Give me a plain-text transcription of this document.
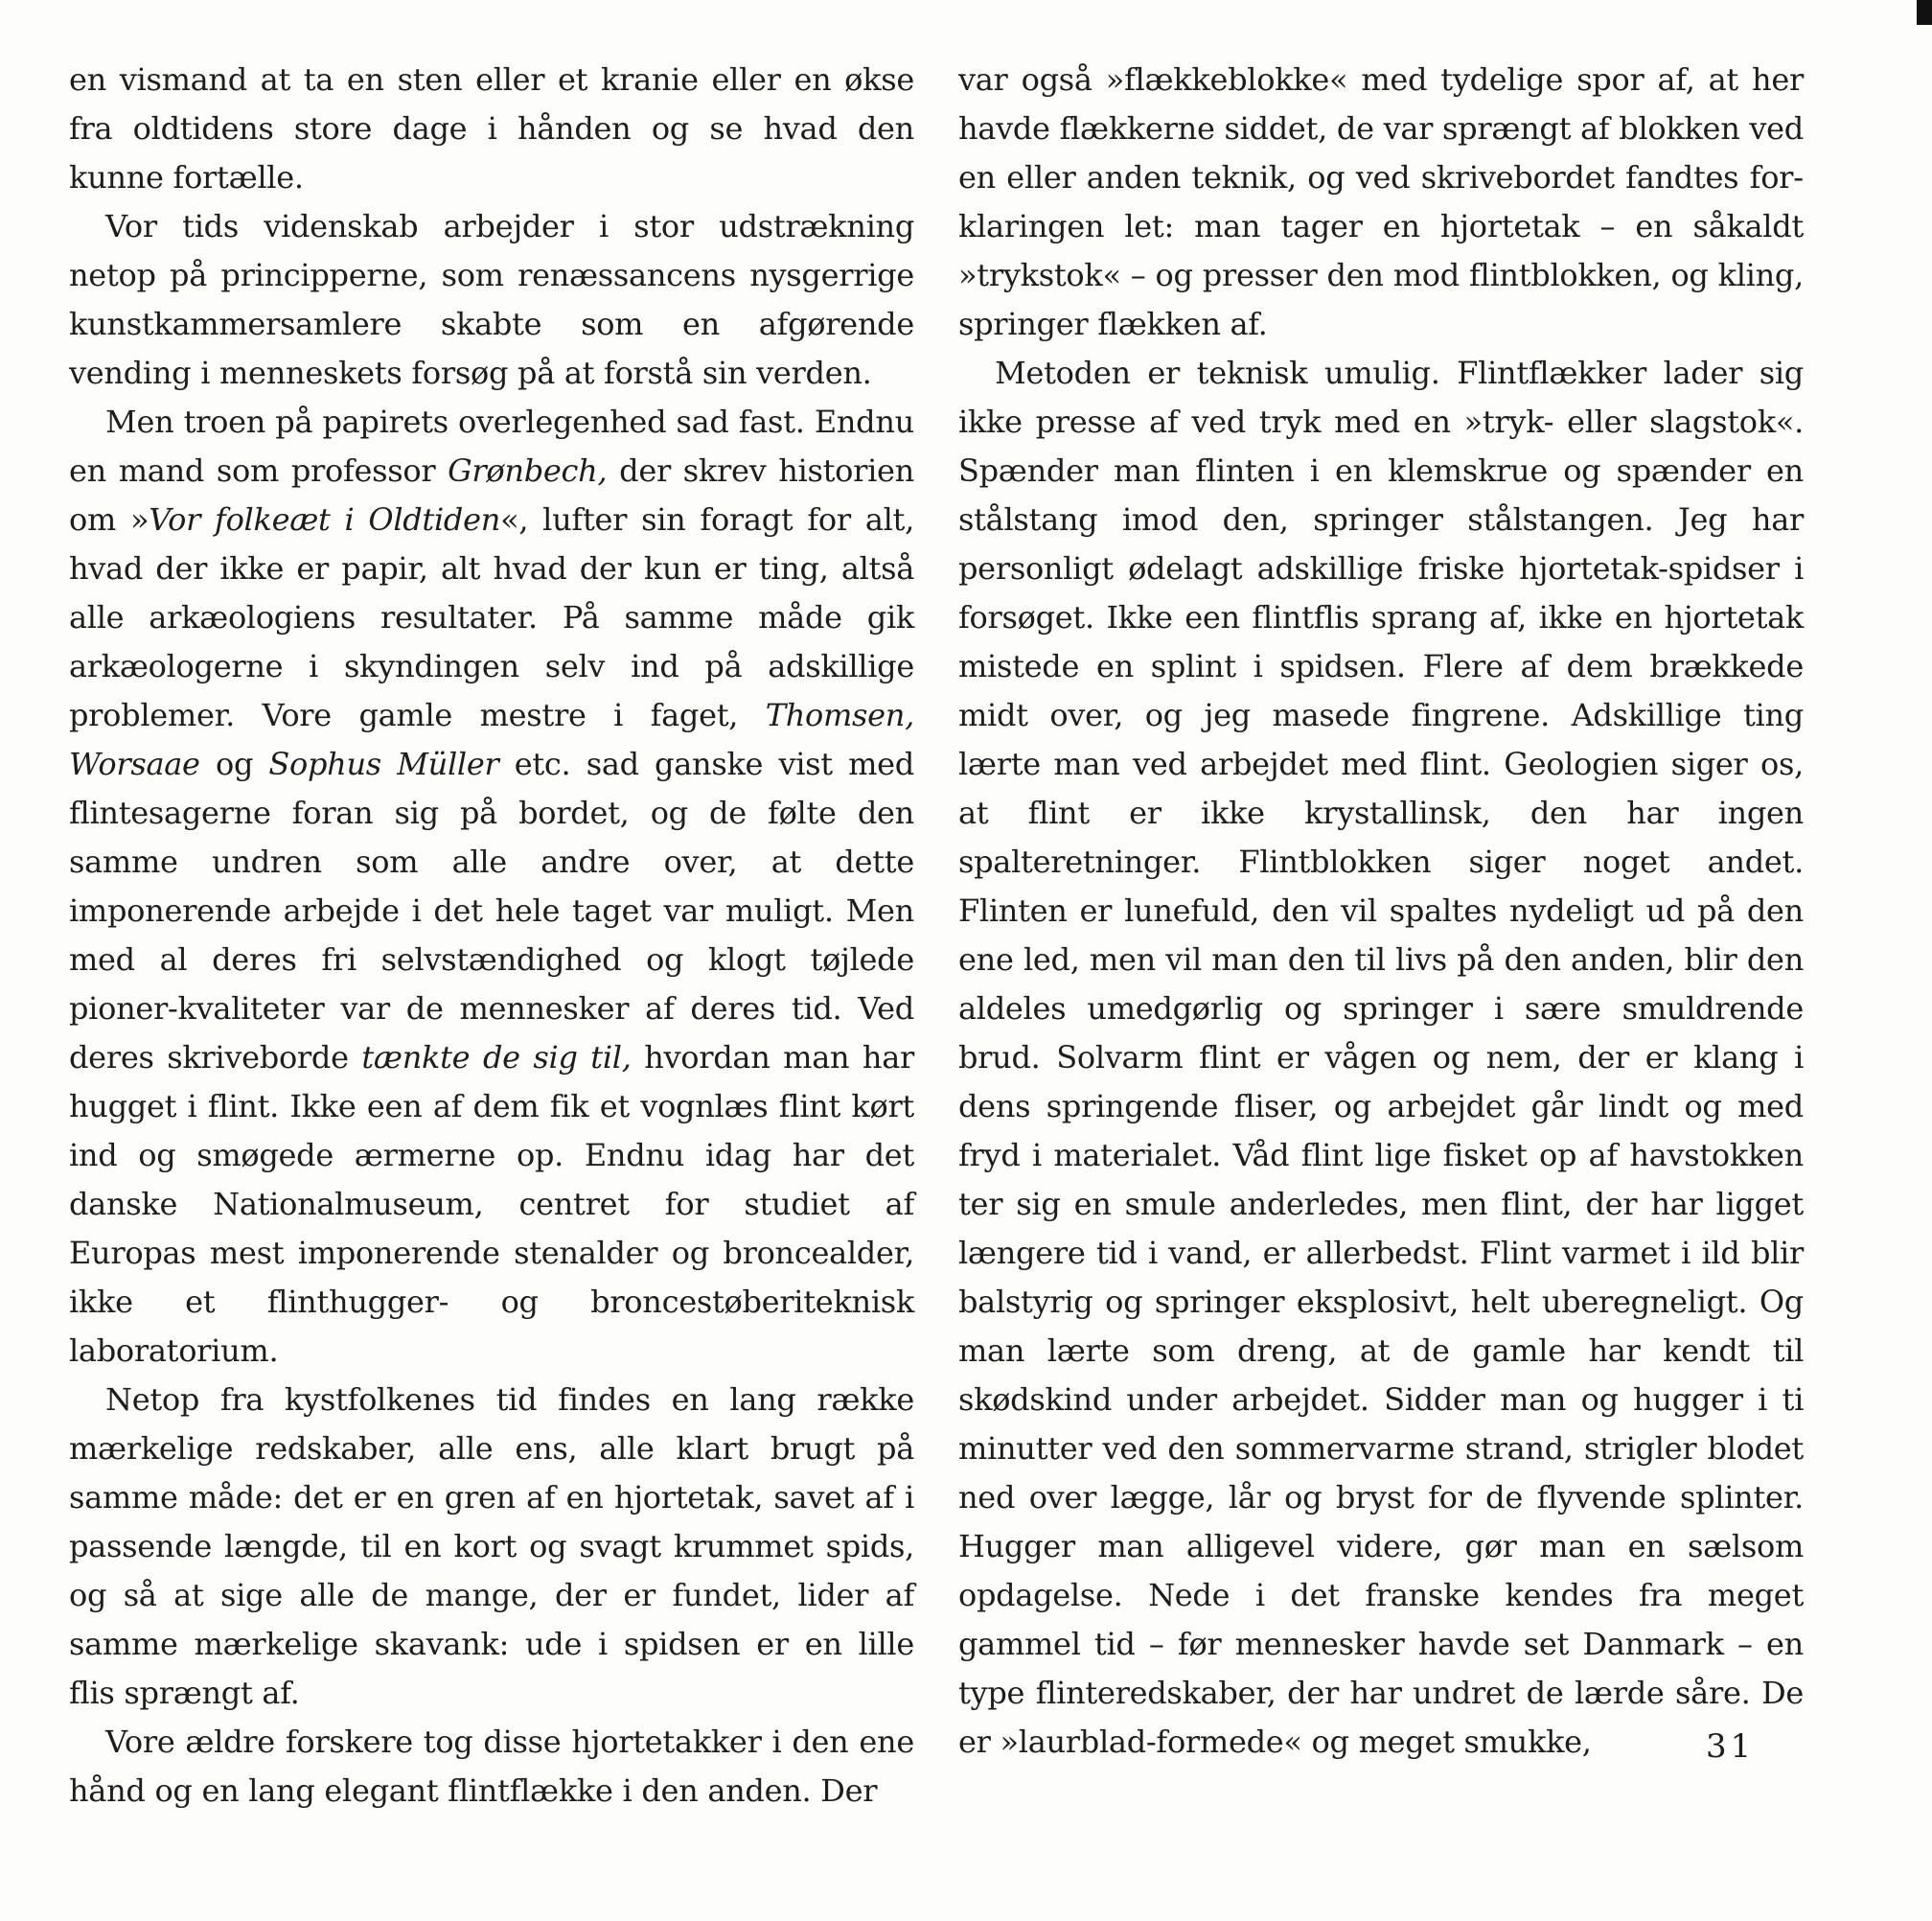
en vismand at ta en sten eller et kranie eller en økse fra oldtidens store dage i hånden og se hvad den kunne fortælle.

Vor tids videnskab arbejder i stor udstrækning netop på principperne, som renæssancens nysgerrige kunstkammersamlere skabte som en afgørende vending i menneskets forsøg på at forstå sin verden.

Men troen på papirets overlegenhed sad fast. Endnu en mand som professor Grønbech, der skrev historien om »Vor folkeæt i Oldtiden«, lufter sin foragt for alt, hvad der ikke er papir, alt hvad der kun er ting, altså alle arkæologiens resultater. På samme måde gik arkæologerne i skyndingen selv ind på adskillige problemer. Vore gamle mestre i faget, Thomsen, Worsaae og Sophus Müller etc. sad ganske vist med flintesagerne foran sig på bordet, og de følte den samme undren som alle andre over, at dette imponerende arbejde i det hele taget var muligt. Men med al deres fri selvstændighed og klogt tøjlede pioner-kvaliteter var de mennesker af deres tid. Ved deres skriveborde tænkte de sig til, hvordan man har hugget i flint. Ikke een af dem fik et vognlæs flint kørt ind og smøgede ærmerne op. Endnu idag har det danske Nationalmuseum, centret for studiet af Europas mest imponerende stenalder og broncealder, ikke et flinthugger- og broncestøberiteknisk laboratorium.

Netop fra kystfolkenes tid findes en lang række mærkelige redskaber, alle ens, alle klart brugt på samme måde: det er en gren af en hjortetak, savet af i passende længde, til en kort og svagt krummet spids, og så at sige alle de mange, der er fundet, lider af samme mærkelige skavank: ude i spidsen er en lille flis sprængt af.

Vore ældre forskere tog disse hjortetakker i den ene hånd og en lang elegant flintflække i den anden. Der

var også »flækkeblokke« med tydelige spor af, at her havde flækkerne siddet, de var sprængt af blokken ved en eller anden teknik, og ved skrivebordet fandtes forklaringen let: man tager en hjortetak – en såkaldt »trykstok« – og presser den mod flintblokken, og kling, springer flækken af.

Metoden er teknisk umulig. Flintflækker lader sig ikke presse af ved tryk med en »tryk- eller slagstok«. Spænder man flinten i en klemskrue og spænder en stålstang imod den, springer stålstangen. Jeg har personligt ødelagt adskillige friske hjortetak-spidser i forsøget. Ikke een flintflis sprang af, ikke en hjortetak mistede en splint i spidsen. Flere af dem brækkede midt over, og jeg masede fingrene. Adskillige ting lærte man ved arbejdet med flint. Geologien siger os, at flint er ikke krystallinsk, den har ingen spalteretninger. Flintblokken siger noget andet. Flinten er lunefuld, den vil spaltes nydeligt ud på den ene led, men vil man den til livs på den anden, blir den aldeles umedgørlig og springer i sære smuldrende brud. Solvarm flint er vågen og nem, der er klang i dens springende fliser, og arbejdet går lindt og med fryd i materialet. Våd flint lige fisket op af havstokken ter sig en smule anderledes, men flint, der har ligget længere tid i vand, er allerbedst. Flint varmet i ild blir balstyrig og springer eksplosivt, helt uberegneligt. Og man lærte som dreng, at de gamle har kendt til skødskind under arbejdet. Sidder man og hugger i ti minutter ved den sommervarme strand, strigler blodet ned over lægge, lår og bryst for de flyvende splinter. Hugger man alligevel videre, gør man en sælsom opdagelse. Nede i det franske kendes fra meget gammel tid – før mennesker havde set Danmark – en type flinteredskaber, der har undret de lærde såre. De er »laurblad-formede« og meget smukke,	31
